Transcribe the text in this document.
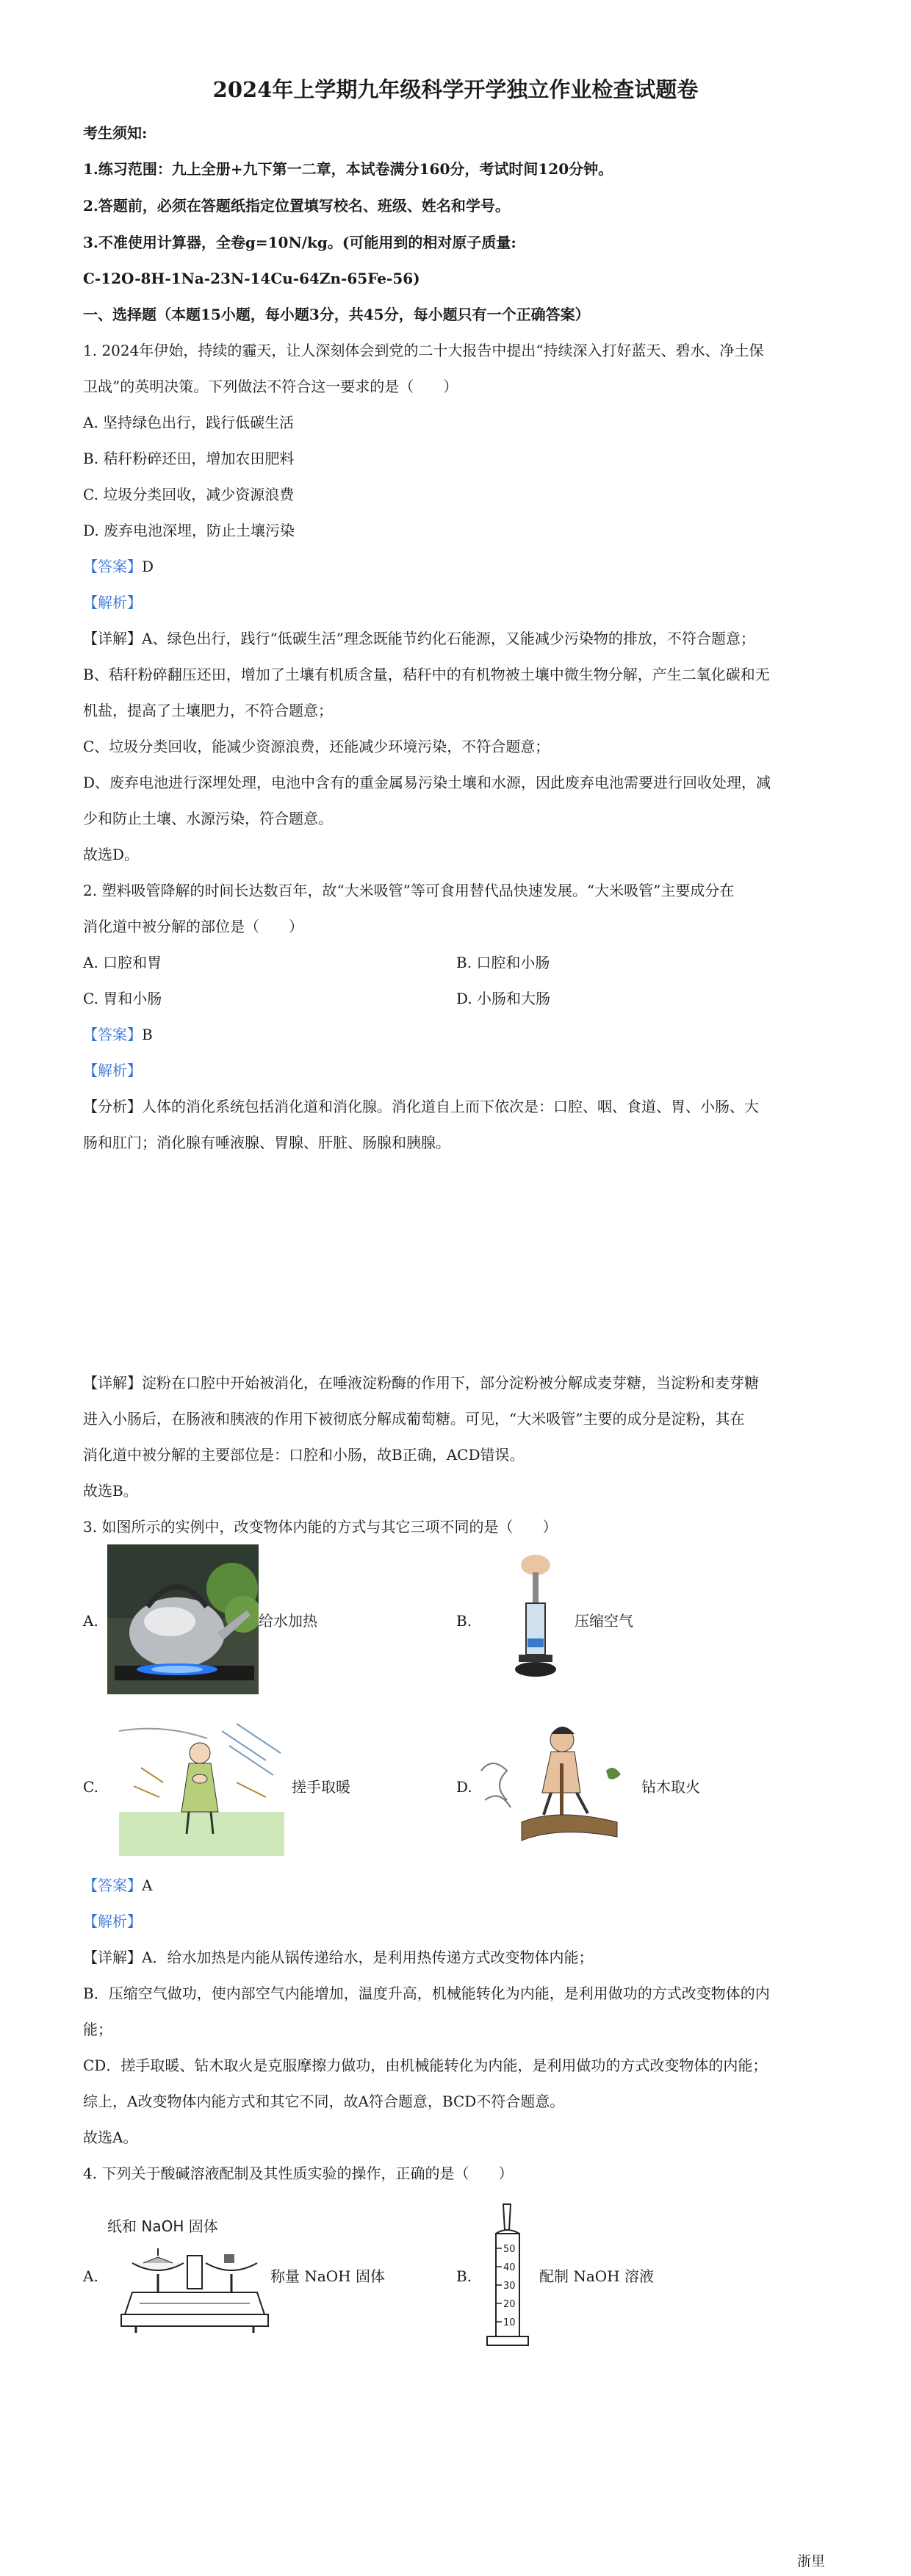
2024年上学期九年级科学开学独立作业检查试题卷
考生须知:
1.练习范围：九上全册+九下第一二章，本试卷满分160分，考试时间120分钟。
2.答题前，必须在答题纸指定位置填写校名、班级、姓名和学号。
3.不准使用计算器，全卷g=10N/kg。(可能用到的相对原子质量:
C-12O-8H-1Na-23N-14Cu-64Zn-65Fe-56)
一、选择题（本题15小题，每小题3分，共45分，每小题只有一个正确答案）
1. 2024年伊始，持续的霾天，让人深刻体会到党的二十大报告中提出“持续深入打好蓝天、碧水、净土保
卫战”的英明决策。下列做法不符合这一要求的是（　　）
A. 坚持绿色出行，践行低碳生活
B. 秸秆粉碎还田，增加农田肥料
C. 垃圾分类回收，减少资源浪费
D. 废弃电池深埋，防止土壤污染
【答案】D
【解析】
【详解】A、绿色出行，践行“低碳生活”理念既能节约化石能源，又能减少污染物的排放，不符合题意；
B、秸秆粉碎翻压还田，增加了土壤有机质含量，秸秆中的有机物被土壤中微生物分解，产生二氧化碳和无
机盐，提高了土壤肥力，不符合题意；
C、垃圾分类回收，能减少资源浪费，还能减少环境污染，不符合题意；
D、废弃电池进行深埋处理，电池中含有的重金属易污染土壤和水源，因此废弃电池需要进行回收处理，减
少和防止土壤、水源污染，符合题意。
故选D。
2. 塑料吸管降解的时间长达数百年，故“大米吸管”等可食用替代品快速发展。“大米吸管”主要成分在
消化道中被分解的部位是（　　）
A. 口腔和胃	B. 口腔和小肠
C. 胃和小肠	D. 小肠和大肠
【答案】B
【解析】
【分析】人体的消化系统包括消化道和消化腺。消化道自上而下依次是：口腔、咽、食道、胃、小肠、大
肠和肛门；消化腺有唾液腺、胃腺、肝脏、肠腺和胰腺。
【详解】淀粉在口腔中开始被消化，在唾液淀粉酶的作用下，部分淀粉被分解成麦芽糖，当淀粉和麦芽糖
进入小肠后，在肠液和胰液的作用下被彻底分解成葡萄糖。可见，“大米吸管”主要的成分是淀粉，其在
消化道中被分解的主要部位是：口腔和小肠，故B正确，ACD错误。
故选B。
3. 如图所示的实例中，改变物体内能的方式与其它三项不同的是（　　）
A.	给水加热	B.	压缩空气
C.	搓手取暖	D.	钻木取火
【答案】A
【解析】
【详解】A．给水加热是内能从锅传递给水，是利用热传递方式改变物体内能；
B．压缩空气做功，使内部空气内能增加，温度升高，机械能转化为内能，是利用做功的方式改变物体的内
能；
CD．搓手取暖、钻木取火是克服摩擦力做功，由机械能转化为内能，是利用做功的方式改变物体的内能；
综上，A改变物体内能方式和其它不同，故A符合题意，BCD不符合题意。
故选A。
4. 下列关于酸碱溶液配制及其性质实验的操作，正确的是（　　）
A.
纸和 NaOH 固体
称量 NaOH 固体	B.
50
40
30
20
10
配制 NaOH 溶液
浙里
